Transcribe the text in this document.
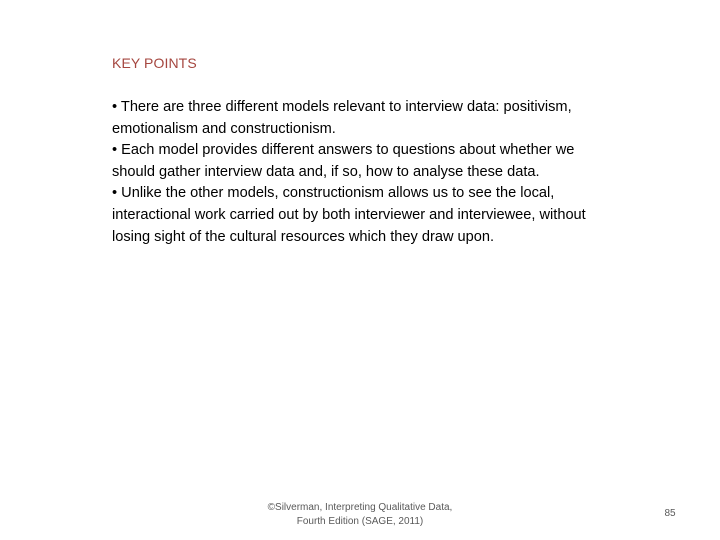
KEY POINTS

• There are three different models relevant to interview data: positivism, emotionalism and constructionism.

• Each model provides different answers to questions about whether we should gather interview data and, if so, how to analyse these data.

• Unlike the other models, constructionism allows us to see the local, interactional work carried out by both interviewer and interviewee, without losing sight of the cultural resources which they draw upon.

©Silverman, Interpreting Qualitative Data,
Fourth Edition (SAGE, 2011)
85
